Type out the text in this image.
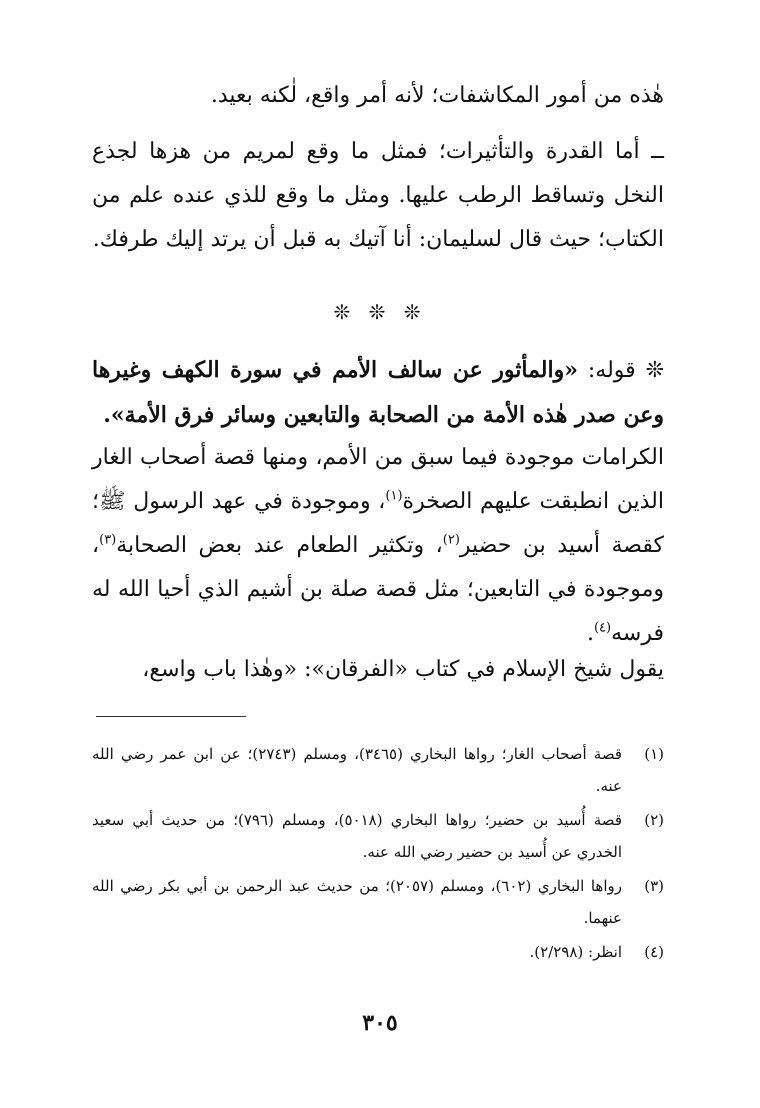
هٰذه من أمور المكاشفات؛ لأنه أمر واقع، لٰكنه بعيد.

ــ أما القدرة والتأثيرات؛ فمثل ما وقع لمريم من هزها لجذع النخل وتساقط الرطب عليها. ومثل ما وقع للذي عنده علم من الكتاب؛ حيث قال لسليمان: أنا آتيك به قبل أن يرتد إليك طرفك.

❊ ❊ ❊

❊ قوله: «والمأثور عن سالف الأمم في سورة الكهف وغيرها وعن صدر هٰذه الأمة من الصحابة والتابعين وسائر فرق الأمة».

الكرامات موجودة فيما سبق من الأمم، ومنها قصة أصحاب الغار الذين انطبقت عليهم الصخرة$^{(١)}$، وموجودة في عهد الرسول ﷺ؛ كقصة أسيد بن حضير$^{(٢)}$، وتكثير الطعام عند بعض الصحابة$^{(٣)}$، وموجودة في التابعين؛ مثل قصة صلة بن أشيم الذي أحيا الله له فرسه$^{(٤)}$.

يقول شيخ الإسلام في كتاب «الفرقان»: «وهٰذا باب واسع،

(١)
قصة أصحاب الغار؛ رواها البخاري (٣٤٦٥)، ومسلم (٢٧٤٣)؛ عن ابن عمر رضي الله عنه.
(٢)
قصة أُسيد بن حضير؛ رواها البخاري (٥٠١٨)، ومسلم (٧٩٦)؛ من حديث أبي سعيد الخدري عن أُسيد بن حضير رضي الله عنه.
(٣)
رواها البخاري (٦٠٢)، ومسلم (٢٠٥٧)؛ من حديث عبد الرحمن بن أبي بكر رضي الله عنهما.
(٤)
انظر: (٢/٢٩٨).
٣٠٥
